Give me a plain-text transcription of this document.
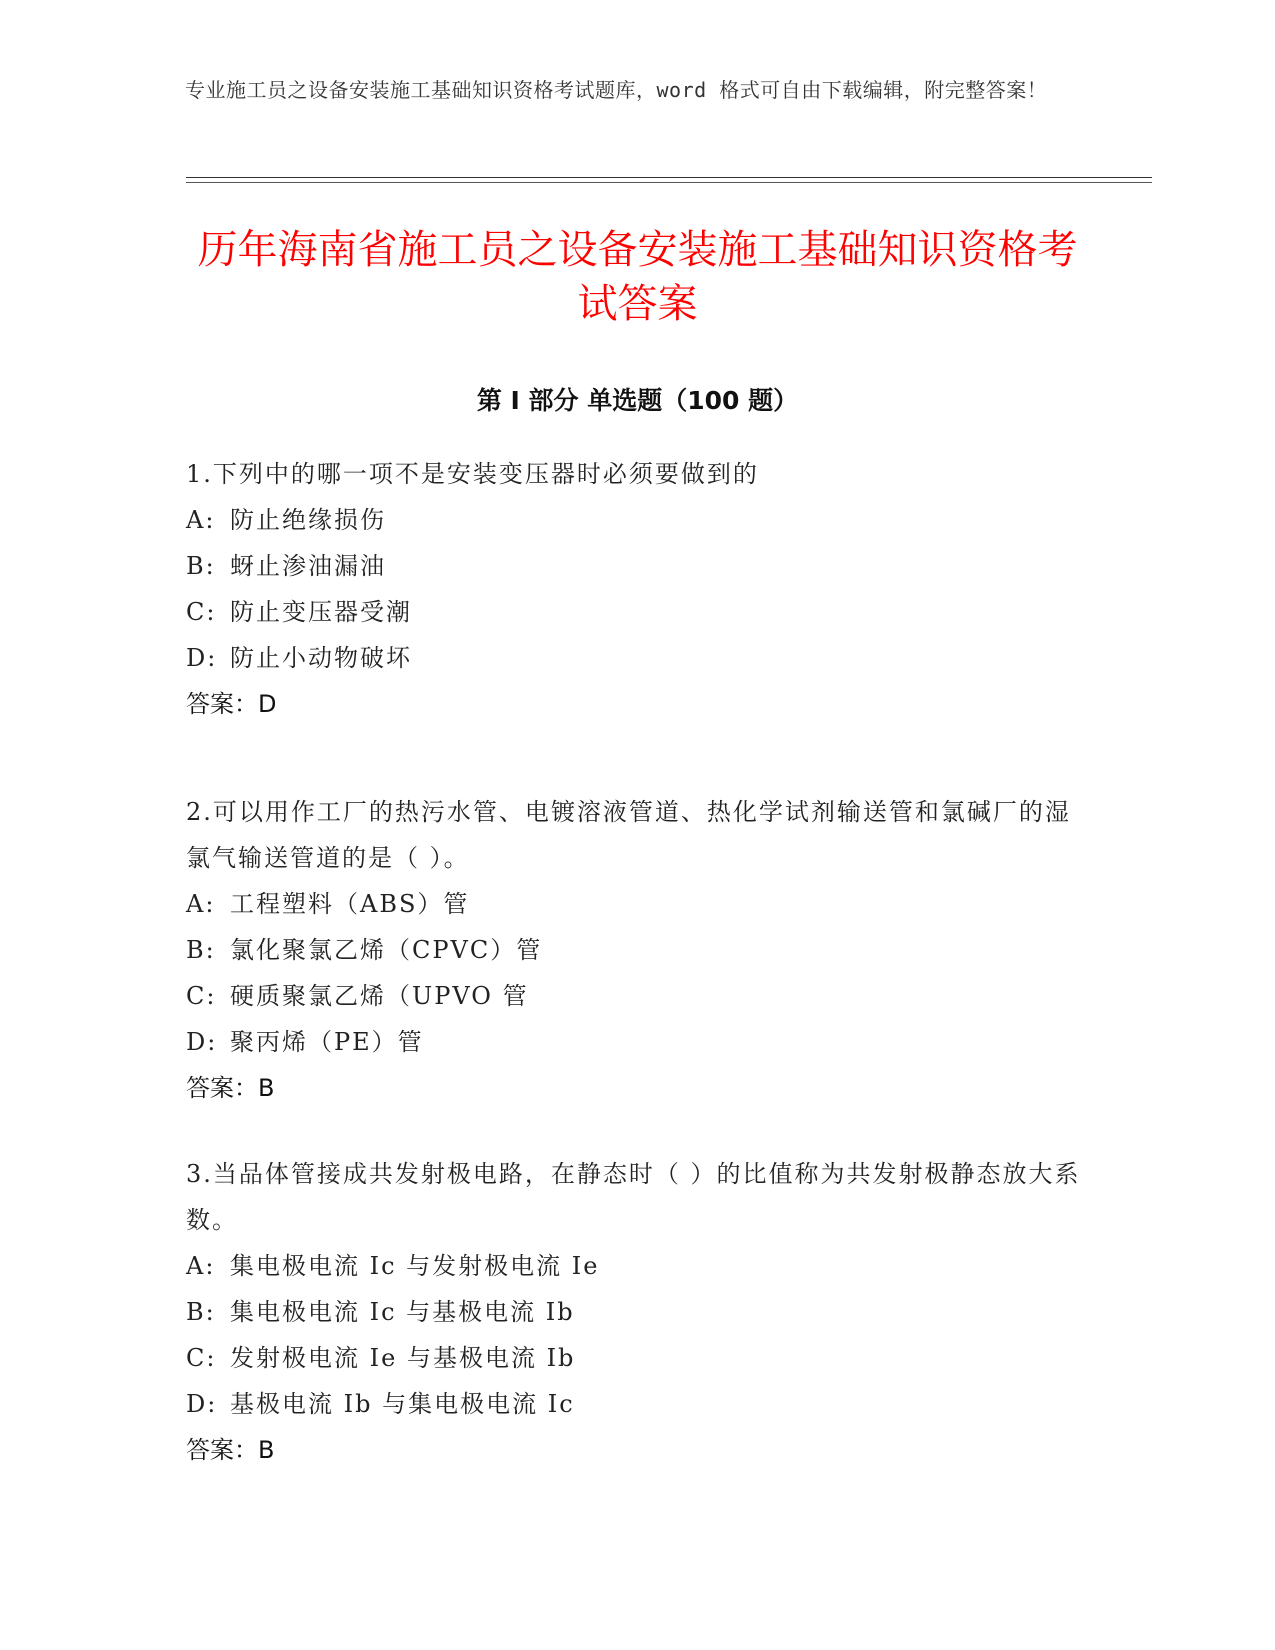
专业施工员之设备安装施工基础知识资格考试题库，word 格式可自由下载编辑，附完整答案！
历年海南省施工员之设备安装施工基础知识资格考试答案
第 I 部分 单选题（100 题）
1.下列中的哪一项不是安装变压器时必须要做到的
A: 防止绝缘损伤
B: 蚜止渗油漏油
C: 防止变压器受潮
D: 防止小动物破坏
答案：D
2.可以用作工厂的热污水管、电镀溶液管道、热化学试剂输送管和氯碱厂的湿氯气输送管道的是（ ）。
A: 工程塑料（ABS）管
B: 氯化聚氯乙烯（CPVC）管
C: 硬质聚氯乙烯（UPVO 管
D: 聚丙烯（PE）管
答案：B
3.当品体管接成共发射极电路，在静态时（ ）的比值称为共发射极静态放大系数。
A: 集电极电流 Ic 与发射极电流 Ie
B: 集电极电流 Ic 与基极电流 Ib
C: 发射极电流 Ie 与基极电流 Ib
D: 基极电流 Ib 与集电极电流 Ic
答案：B
